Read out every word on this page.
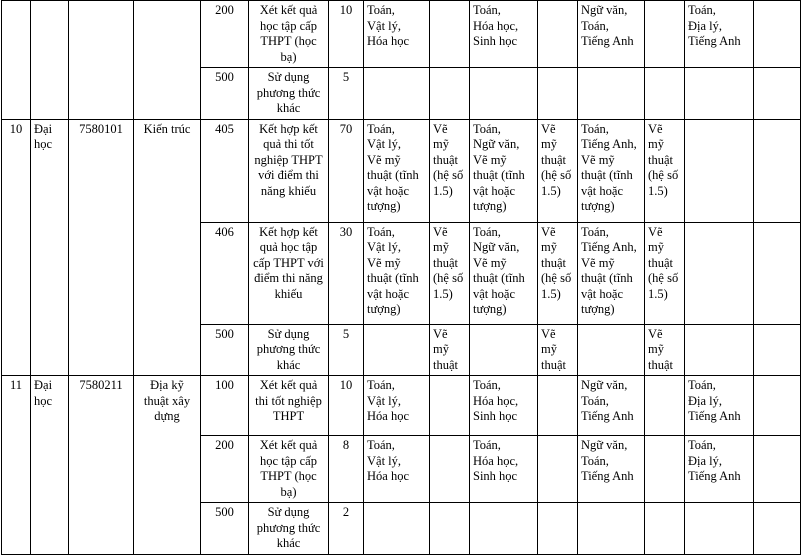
				200	Xét kết quả học tập cấp THPT (học bạ)	10	Toán,
Vật lý,
Hóa học		Toán,
Hóa học,
Sinh học		Ngữ văn,
Toán,
Tiếng Anh		Toán,
Địa lý,
Tiếng Anh	

				500	Sử dụng phương thức khác	5								
10	Đại học	7580101	Kiến trúc	405	Kết hợp kết quả thi tốt nghiệp THPT với điểm thi năng khiếu	70	Toán,
Vật lý,
Vẽ mỹ thuật (tĩnh vật hoặc tượng)	Vẽ mỹ thuật (hệ số 1.5)	Toán,
Ngữ văn,
Vẽ mỹ thuật (tĩnh vật hoặc tượng)	Vẽ mỹ thuật (hệ số 1.5)	Toán,
Tiếng Anh,
Vẽ mỹ thuật (tĩnh vật hoặc tượng)	Vẽ mỹ thuật (hệ số 1.5)		
				406	Kết hợp kết quả học tập cấp THPT với điểm thi năng khiếu	30	Toán,
Vật lý,
Vẽ mỹ thuật (tĩnh vật hoặc tượng)	Vẽ mỹ thuật (hệ số 1.5)	Toán,
Ngữ văn,
Vẽ mỹ thuật (tĩnh vật hoặc tượng)	Vẽ mỹ thuật (hệ số 1.5)	Toán,
Tiếng Anh,
Vẽ mỹ thuật (tĩnh vật hoặc tượng)	Vẽ mỹ thuật (hệ số 1.5)		
				500	Sử dụng phương thức khác	5		Vẽ mỹ thuật		Vẽ mỹ thuật		Vẽ mỹ thuật		
11	Đại học	7580211	Địa kỹ thuật xây dựng	100	Xét kết quả thi tốt nghiệp THPT	10	Toán,
Vật lý,
Hóa học		Toán,
Hóa học,
Sinh học		Ngữ văn,
Toán,
Tiếng Anh		Toán,
Địa lý,
Tiếng Anh	

				200	Xét kết quả học tập cấp THPT (học bạ)	8	Toán,
Vật lý,
Hóa học		Toán,
Hóa học,
Sinh học		Ngữ văn,
Toán,
Tiếng Anh		Toán,
Địa lý,
Tiếng Anh	

				500	Sử dụng phương thức khác	2								
